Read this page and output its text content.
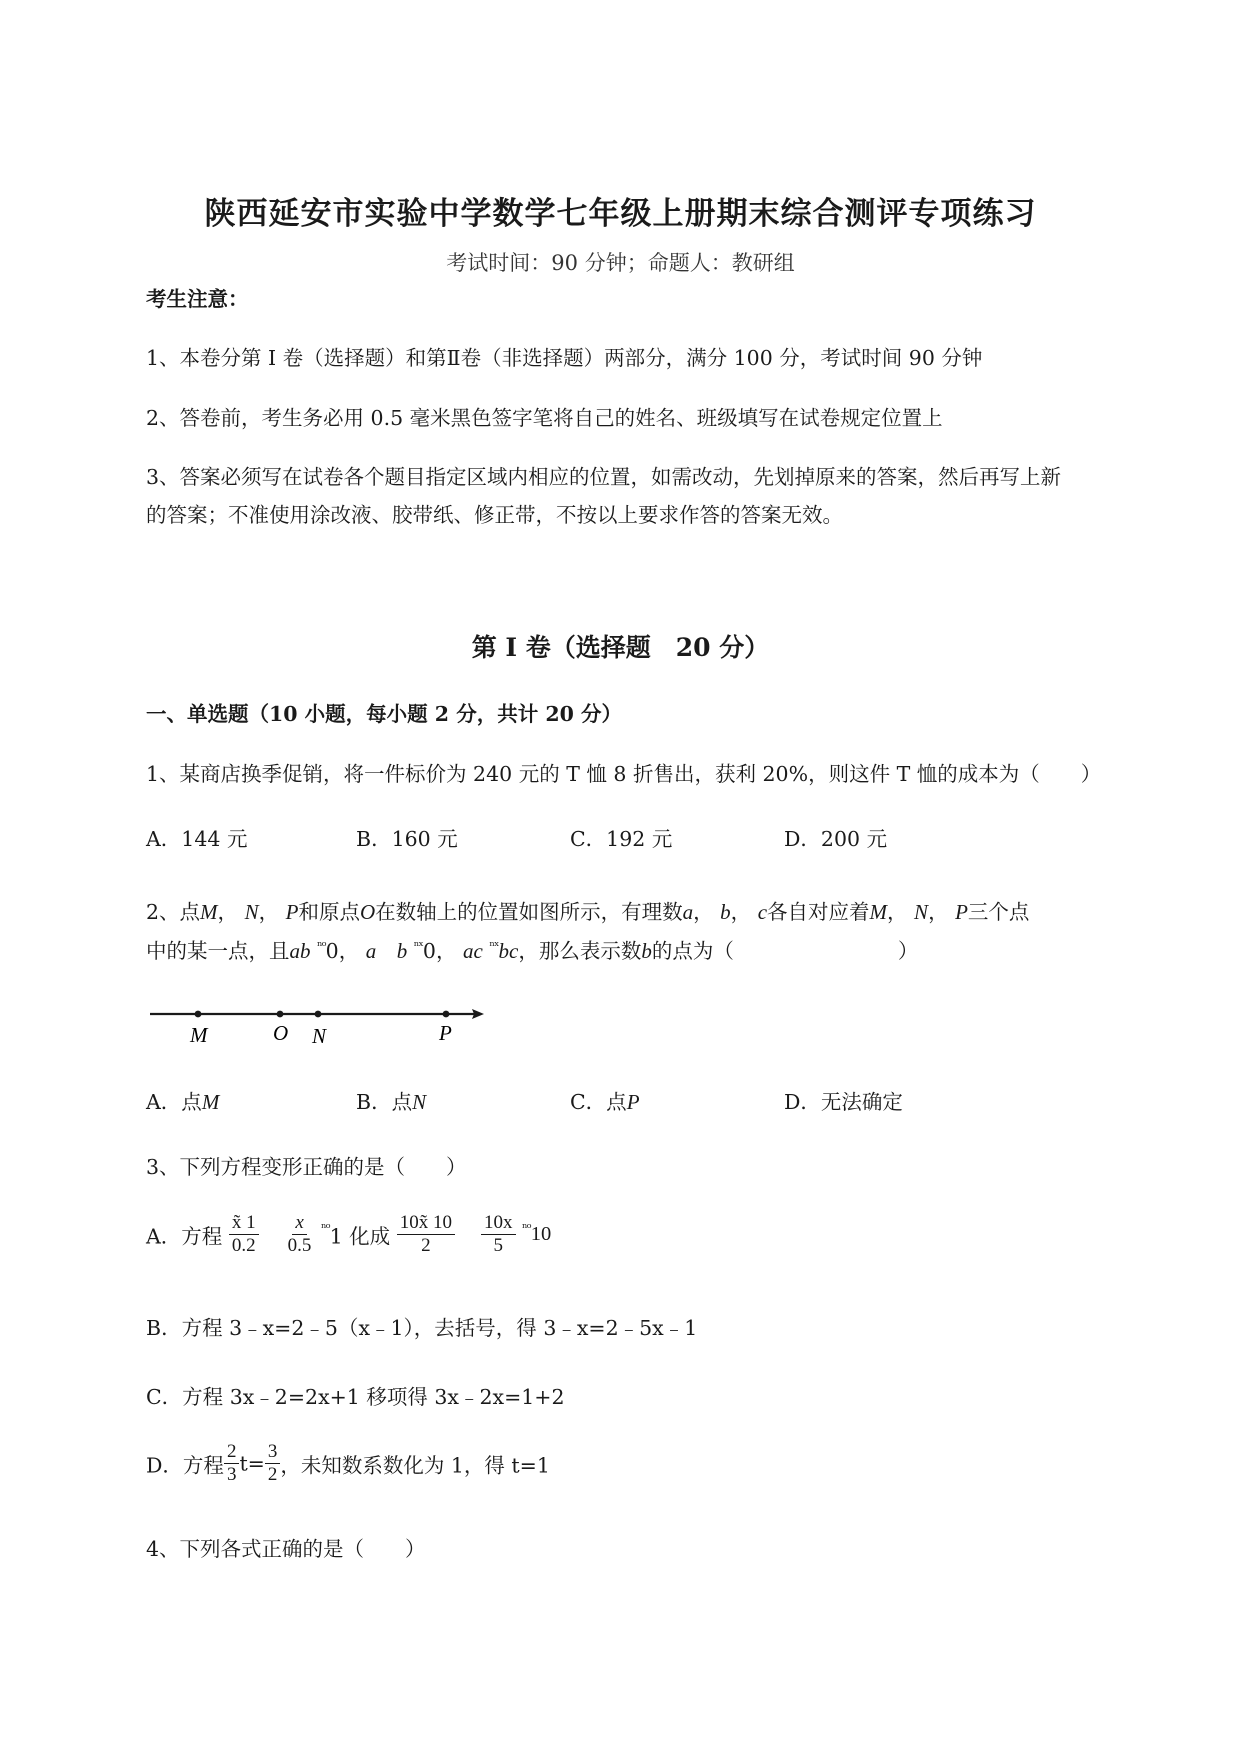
陕西延安市实验中学数学七年级上册期末综合测评专项练习
考试时间：90 分钟；命题人：教研组
考生注意：
1、本卷分第 I 卷（选择题）和第Ⅱ卷（非选择题）两部分，满分 100 分，考试时间 90 分钟
2、答卷前，考生务必用 0.5 毫米黑色签字笔将自己的姓名、班级填写在试卷规定位置上
3、答案必须写在试卷各个题目指定区域内相应的位置，如需改动，先划掉原来的答案，然后再写上新
的答案；不准使用涂改液、胶带纸、修正带，不按以上要求作答的答案无效。
第 I 卷（选择题　20 分）
一、单选题（10 小题，每小题 2 分，共计 20 分）
1、某商店换季促销，将一件标价为 240 元的 T 恤 8 折售出，获利 20%，则这件 T 恤的成本为（　　）
A．144 元	B．160 元	C．192 元	D．200 元
2、点M， N， P和原点O在数轴上的位置如图所示，有理数a， b， c各自对应着M， N， P三个点
中的某一点，且ab $^{^nᵒ}$0， a　 b $^{^nˣ}$0， ac $^{^nˣ}$bc，那么表示数b的点为（　　　　　　　　）
M	O N	P
A．点M	B．点N	C．点P	D．无法确定
3、下列方程变形正确的是（　　）
A．方程 $\frac{x̃ 1}{0.2}$
$\frac{x}{0.5} ^{^nᵒ}1$ 化成 $\frac{10x̃ 10}{2}$
$\frac{10x}{5} ^{^nᵒ}10$
B．方程 3﹣x=2﹣5（x﹣1），去括号，得 3﹣x=2﹣5x﹣1
C．方程 3x﹣2=2x+1 移项得 3x﹣2x=1+2
D．方程 $\frac{2}{3} t= \frac{3}{2}$ ，未知数系数化为 1，得 t=1
4、下列各式正确的是（　　）
